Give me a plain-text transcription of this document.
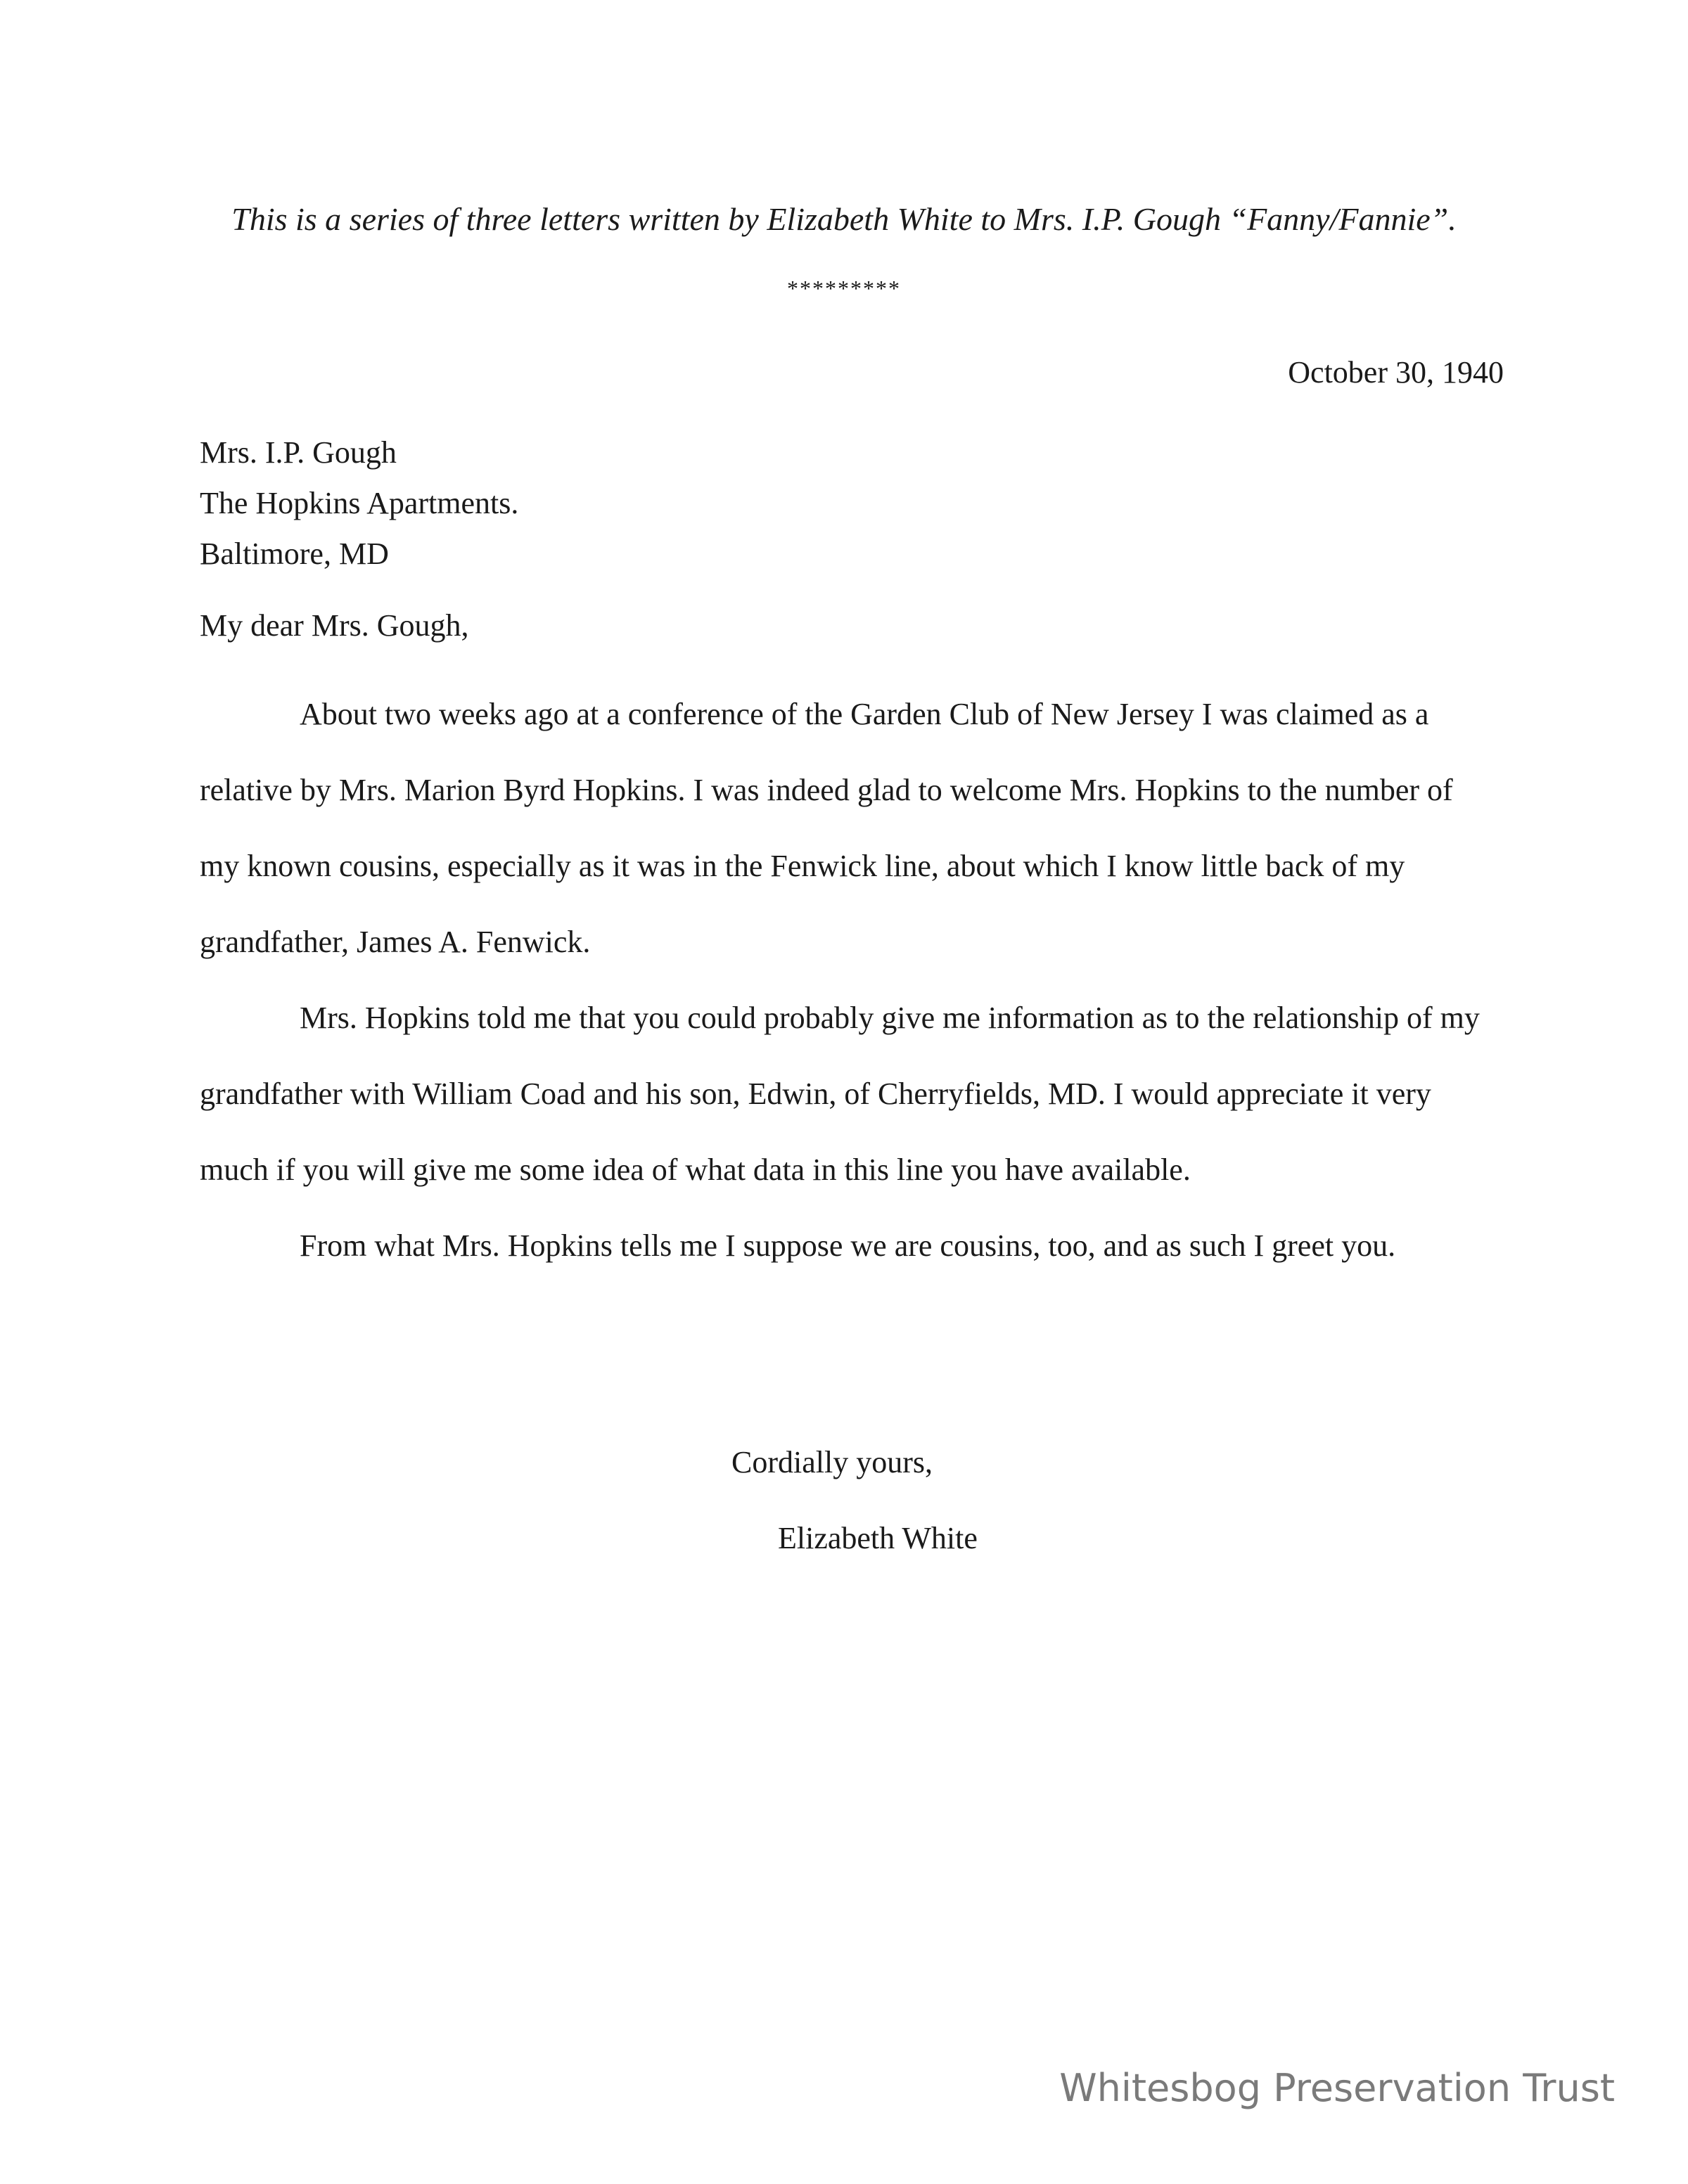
This is a series of three letters written by Elizabeth White to Mrs. I.P. Gough “Fanny/Fannie”.
*********
October 30, 1940
Mrs. I.P. Gough
The Hopkins Apartments.
Baltimore, MD
My dear Mrs. Gough,

About two weeks ago at a conference of the Garden Club of New Jersey I was claimed as a relative by Mrs. Marion Byrd Hopkins. I was indeed glad to welcome Mrs. Hopkins to the number of my known cousins, especially as it was in the Fenwick line, about which I know little back of my grandfather, James A. Fenwick.

Mrs. Hopkins told me that you could probably give me information as to the relationship of my grandfather with William Coad and his son, Edwin, of Cherryfields, MD. I would appreciate it very much if you will give me some idea of what data in this line you have available.

From what Mrs. Hopkins tells me I suppose we are cousins, too, and as such I greet you.

Cordially yours,
Elizabeth White
Whitesbog Preservation Trust
